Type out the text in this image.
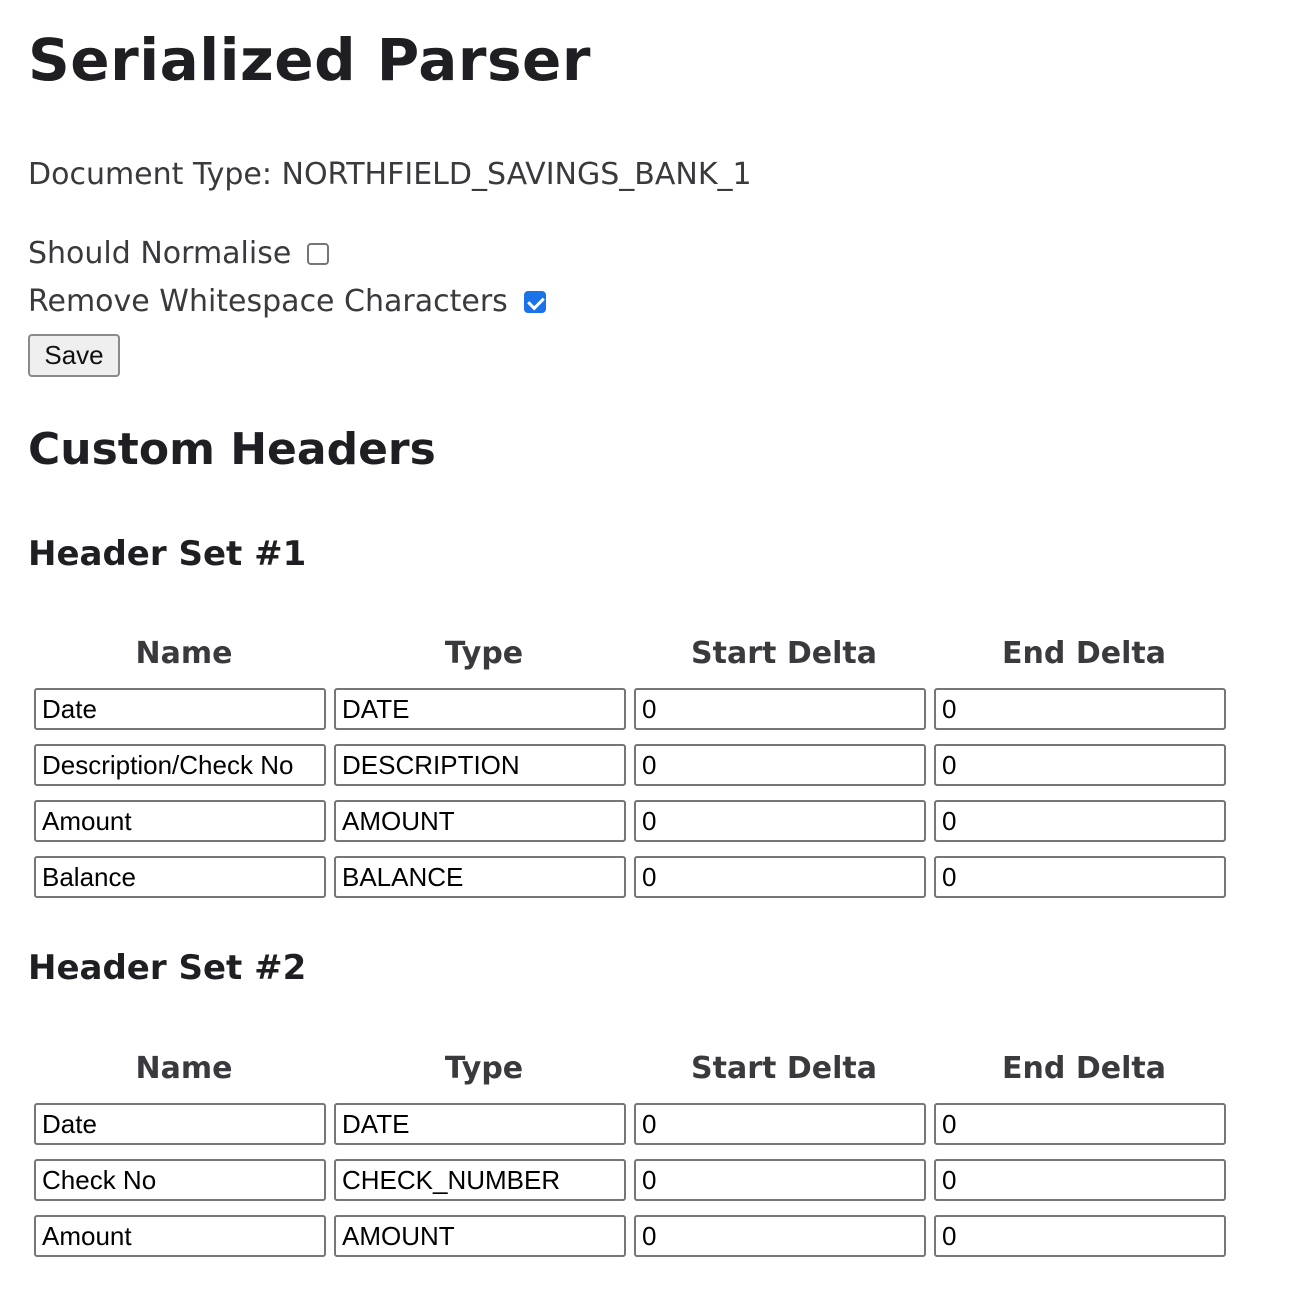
Serialized Parser
Document Type: NORTHFIELD_SAVINGS_BANK_1
Should Normalise
Remove Whitespace Characters
Save
Custom Headers
Header Set #1
Name	Type	Start Delta	End Delta
Date	DATE	0	0
Description/Check No	DESCRIPTION	0	0
Amount	AMOUNT	0	0
Balance	BALANCE	0	0
Header Set #2
Name	Type	Start Delta	End Delta
Date	DATE	0	0
Check No	CHECK_NUMBER	0	0
Amount	AMOUNT	0	0
